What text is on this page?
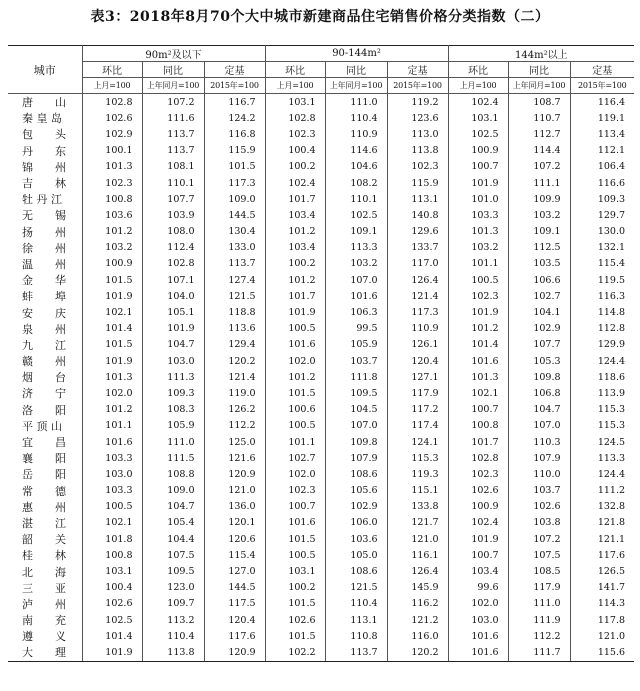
表3：2018年8月70个大中城市新建商品住宅销售价格分类指数（二）
城市	90m²及以下			90-144m²			144m²以上		
	环比	同比	定基	环比	同比	定基	环比	同比	定基
	上月=100	上年同月=100	2015年=100	上月=100	上年同月=100	2015年=100	上月=100	上年同月=100	2015年=100
唐　　山	102.8	107.2	116.7	103.1	111.0	119.2	102.4	108.7	116.4
秦 皇 岛	102.6	111.6	124.2	102.8	110.4	123.6	103.1	110.7	119.1
包　　头	102.9	113.7	116.8	102.3	110.9	113.0	102.5	112.7	113.4
丹　　东	100.1	113.7	115.9	100.4	114.6	113.8	100.9	114.4	112.1
锦　　州	101.3	108.1	101.5	100.2	104.6	102.3	100.7	107.2	106.4
吉　　林	102.3	110.1	117.3	102.4	108.2	115.9	101.9	111.1	116.6
牡 丹 江	100.8	107.7	109.0	101.7	110.1	113.1	101.0	109.9	109.3
无　　锡	103.6	103.9	144.5	103.4	102.5	140.8	103.3	103.2	129.7
扬　　州	101.2	108.0	130.4	101.2	109.1	129.6	101.3	109.1	130.0
徐　　州	103.2	112.4	133.0	103.4	113.3	133.7	103.2	112.5	132.1
温　　州	100.9	102.8	113.7	100.2	103.2	117.0	101.1	103.5	115.4
金　　华	101.5	107.1	127.4	101.2	107.0	126.4	100.5	106.6	119.5
蚌　　埠	101.9	104.0	121.5	101.7	101.6	121.4	102.3	102.7	116.3
安　　庆	102.1	105.1	118.8	101.9	106.3	117.3	101.9	104.1	114.8
泉　　州	101.4	101.9	113.6	100.5	99.5	110.9	101.2	102.9	112.8
九　　江	101.5	104.7	129.4	101.6	105.9	126.1	101.4	107.7	129.9
赣　　州	101.9	103.0	120.2	102.0	103.7	120.4	101.6	105.3	124.4
烟　　台	101.3	111.3	121.4	101.2	111.8	127.1	101.3	109.8	118.6
济　　宁	102.0	109.3	119.0	101.5	109.5	117.9	102.1	106.8	113.9
洛　　阳	101.2	108.3	126.2	100.6	104.5	117.2	100.7	104.7	115.3
平 顶 山	101.1	105.9	112.2	100.5	107.0	117.4	100.8	107.0	115.3
宜　　昌	101.6	111.0	125.0	101.1	109.8	124.1	101.7	110.3	124.5
襄　　阳	103.3	111.5	121.6	102.7	107.9	115.3	102.8	107.9	113.3
岳　　阳	103.0	108.8	120.9	102.0	108.6	119.3	102.3	110.0	124.4
常　　德	103.3	109.0	121.0	102.3	105.6	115.1	102.6	103.7	111.2
惠　　州	100.5	104.7	136.0	100.7	102.9	133.8	100.9	102.6	132.8
湛　　江	102.1	105.4	120.1	101.6	106.0	121.7	102.4	103.8	121.8
韶　　关	101.8	104.4	120.6	101.5	103.6	121.0	101.9	107.2	121.1
桂　　林	100.8	107.5	115.4	100.5	105.0	116.1	100.7	107.5	117.6
北　　海	103.1	109.5	127.0	103.1	108.6	126.4	103.4	108.5	126.5
三　　亚	100.4	123.0	144.5	100.2	121.5	145.9	99.6	117.9	141.7
泸　　州	102.6	109.7	117.5	101.5	110.4	116.2	102.0	111.0	114.3
南　　充	102.5	113.2	120.4	102.6	113.1	121.2	103.0	111.9	117.8
遵　　义	101.4	110.4	117.6	101.5	110.8	116.0	101.6	112.2	121.0
大　　理	101.9	113.8	120.9	102.2	113.7	120.2	101.6	111.7	115.6
